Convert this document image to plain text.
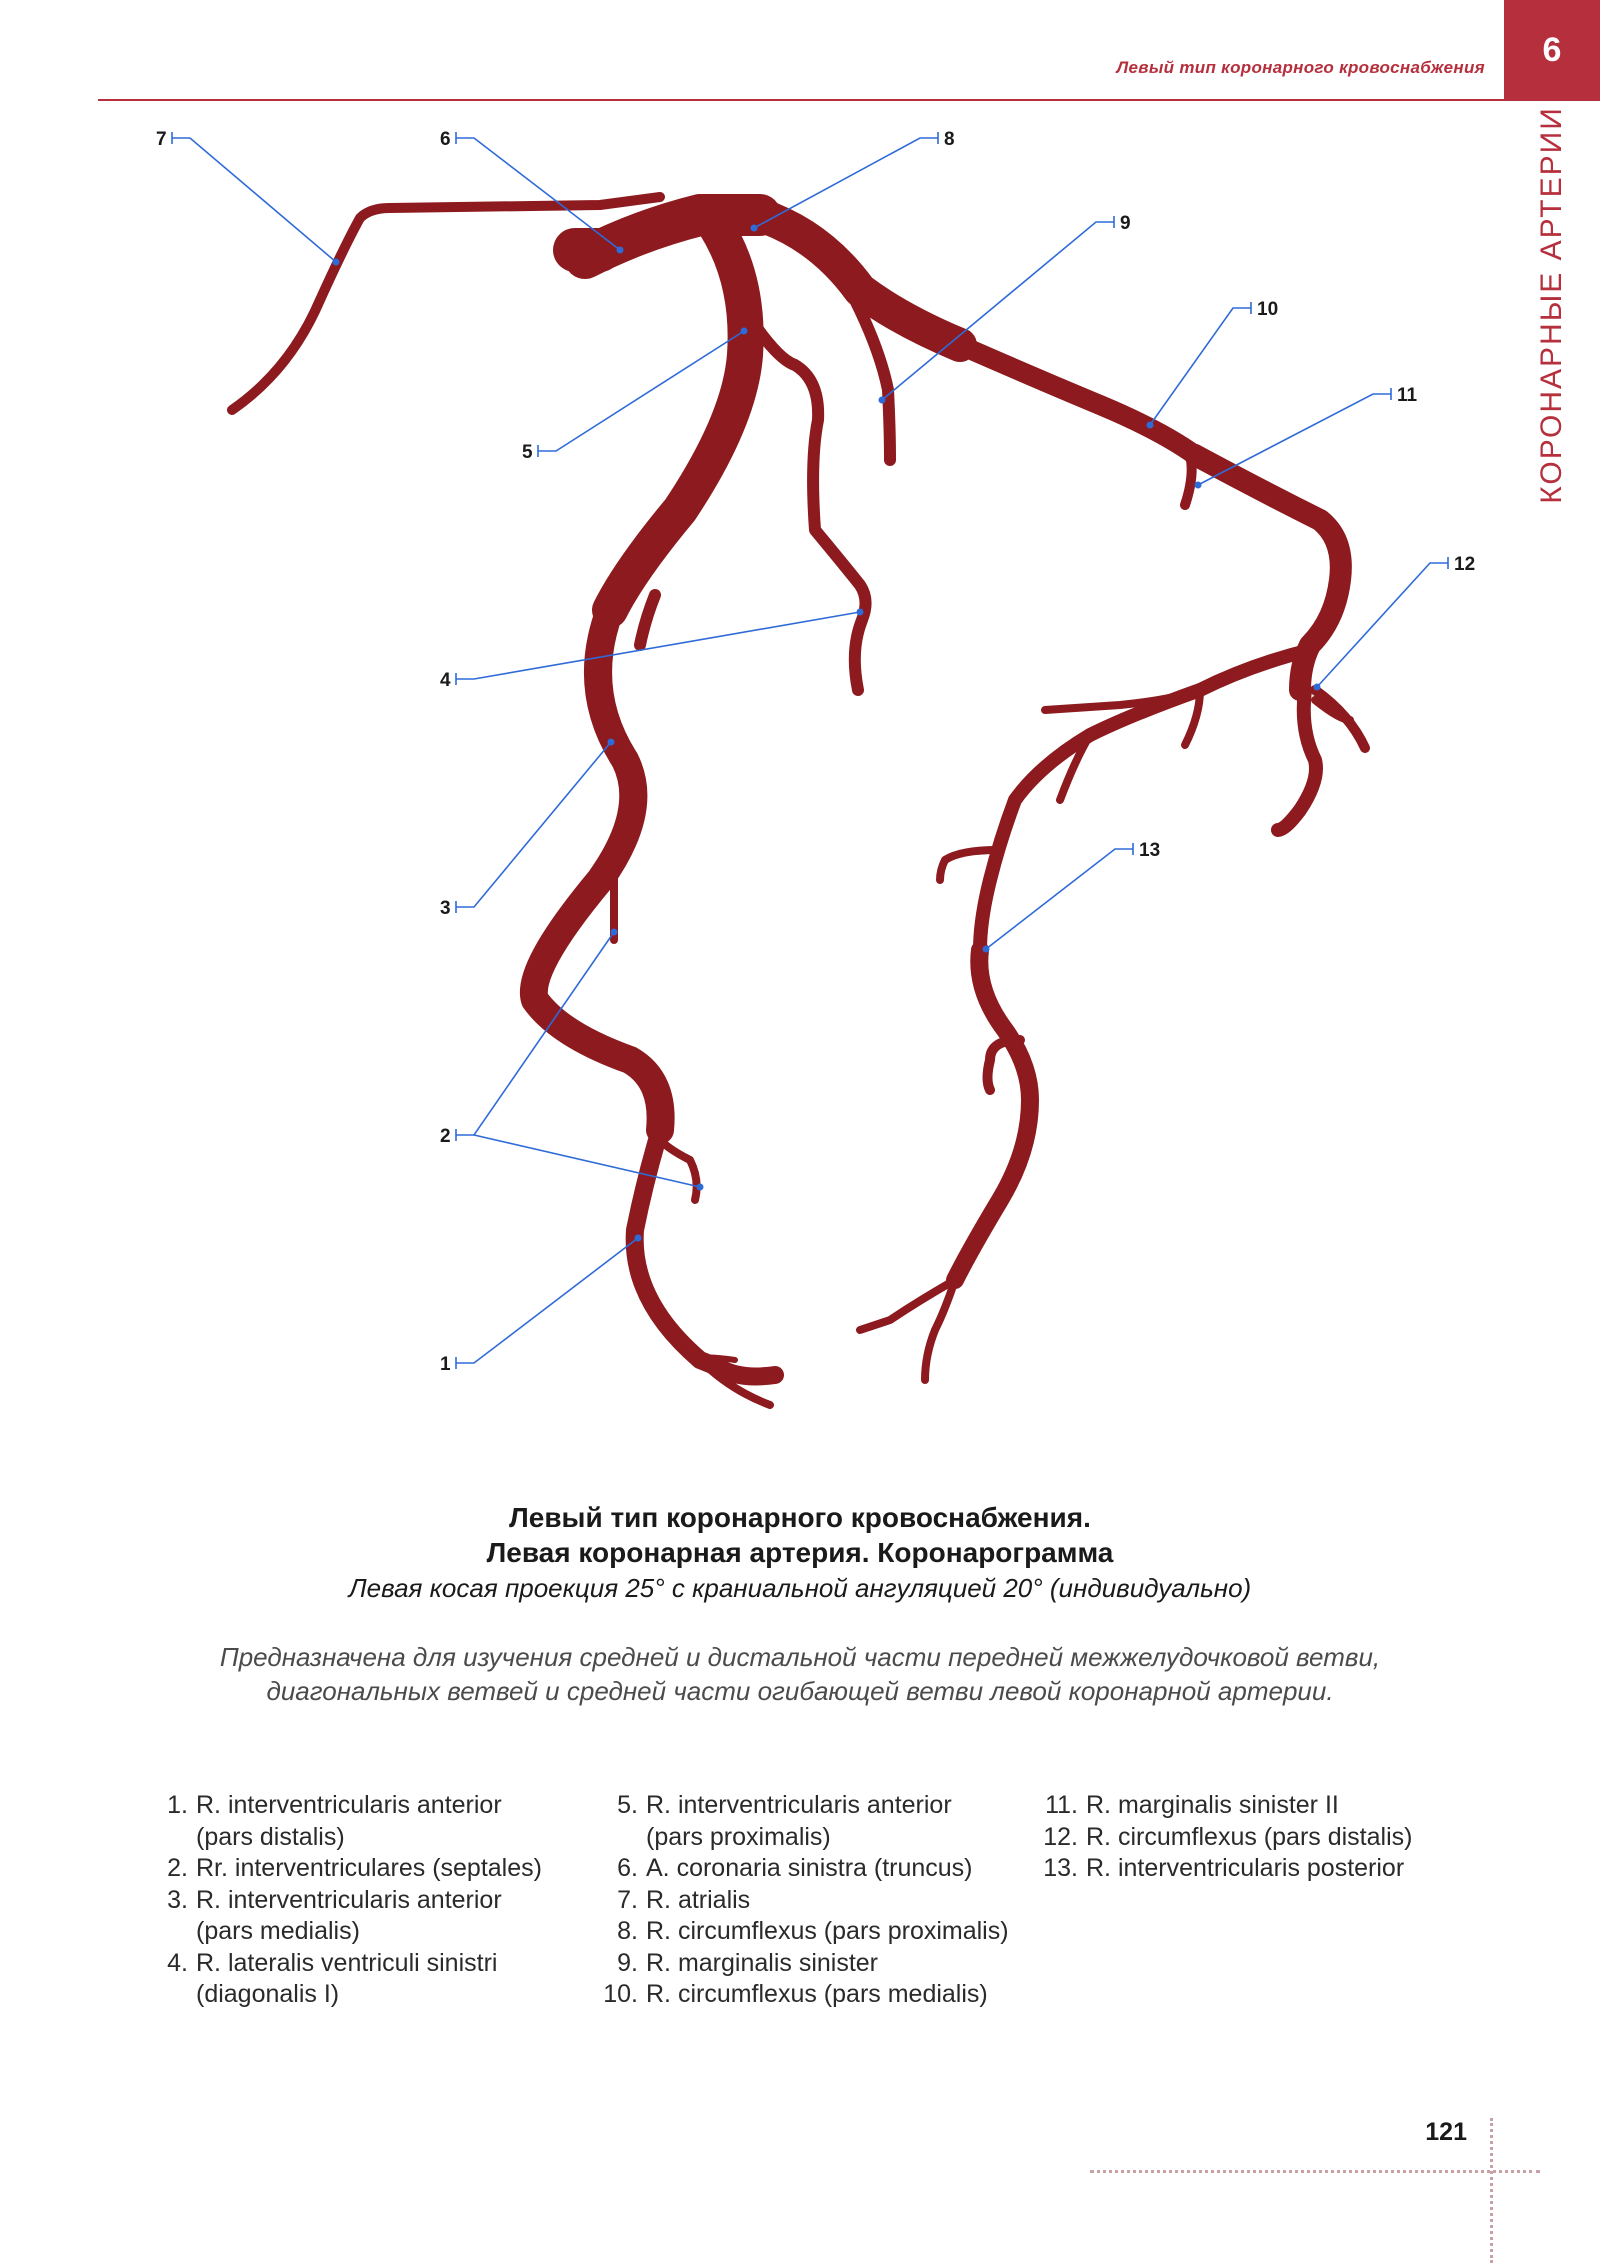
Левый тип коронарного кровоснабжения	6
КОРОНАРНЫЕ АРТЕРИИ
7	6	8
9
10
11
5
4
12
13
3
2
1
Левый тип коронарного кровоснабжения.
Левая коронарная артерия. Коронарограмма
Левая косая проекция 25° с краниальной ангуляцией 20° (индивидуально)
Предназначена для изучения средней и дистальной части передней межжелудочковой ветви,
диагональных ветвей и средней части огибающей ветви левой коронарной артерии.
1. R. interventricularis anterior
(pars distalis)
2. Rr. interventriculares (septales)
3. R. interventricularis anterior
(pars medialis)
4. R. lateralis ventriculi sinistri
(diagonalis I)
5. R. interventricularis anterior
(pars proximalis)
6. A. coronaria sinistra (truncus)
7. R. atrialis
8. R. circumflexus (pars proximalis)
9. R. marginalis sinister
10. R. circumflexus (pars medialis)
11. R. marginalis sinister II
12. R. circumflexus (pars distalis)
13. R. interventricularis posterior
121
